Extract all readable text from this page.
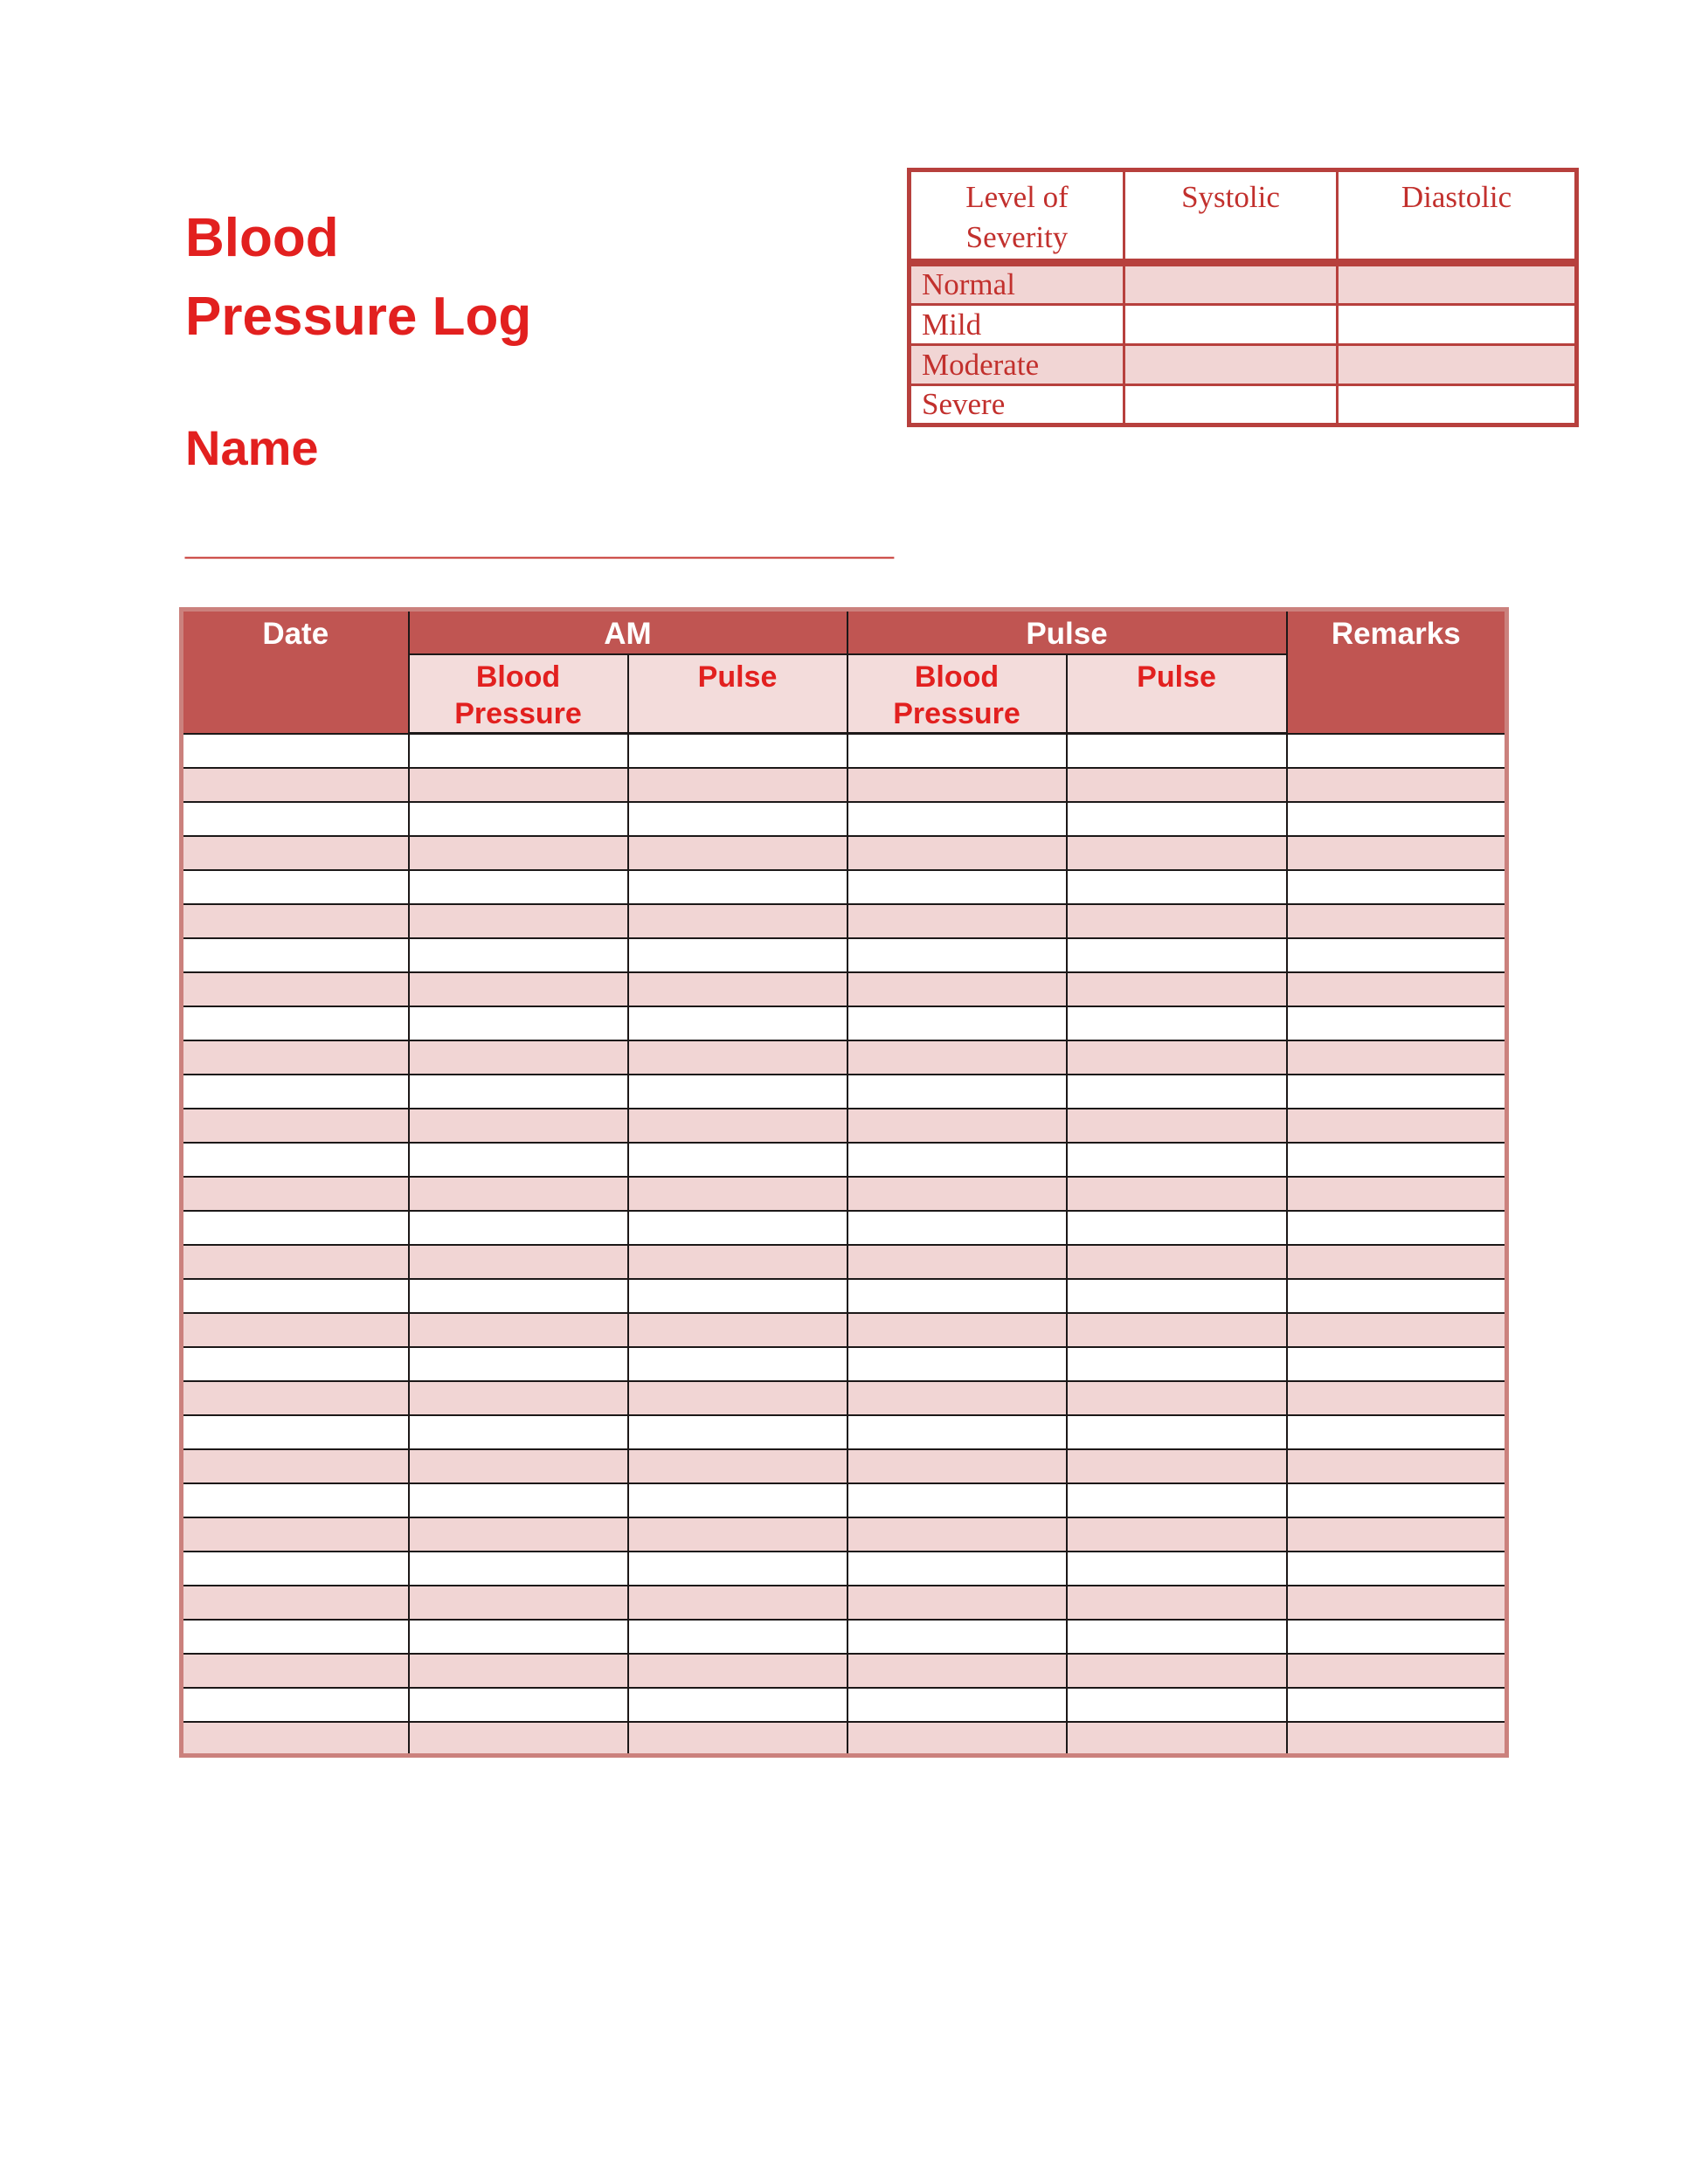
Blood
Pressure Log
Level of Severity	Systolic	Diastolic
Normal		
Mild		
Moderate		
Severe		
Name
___________________________
Date	AM		Pulse		Remarks
	Blood Pressure	Pulse	Blood Pressure	Pulse	
